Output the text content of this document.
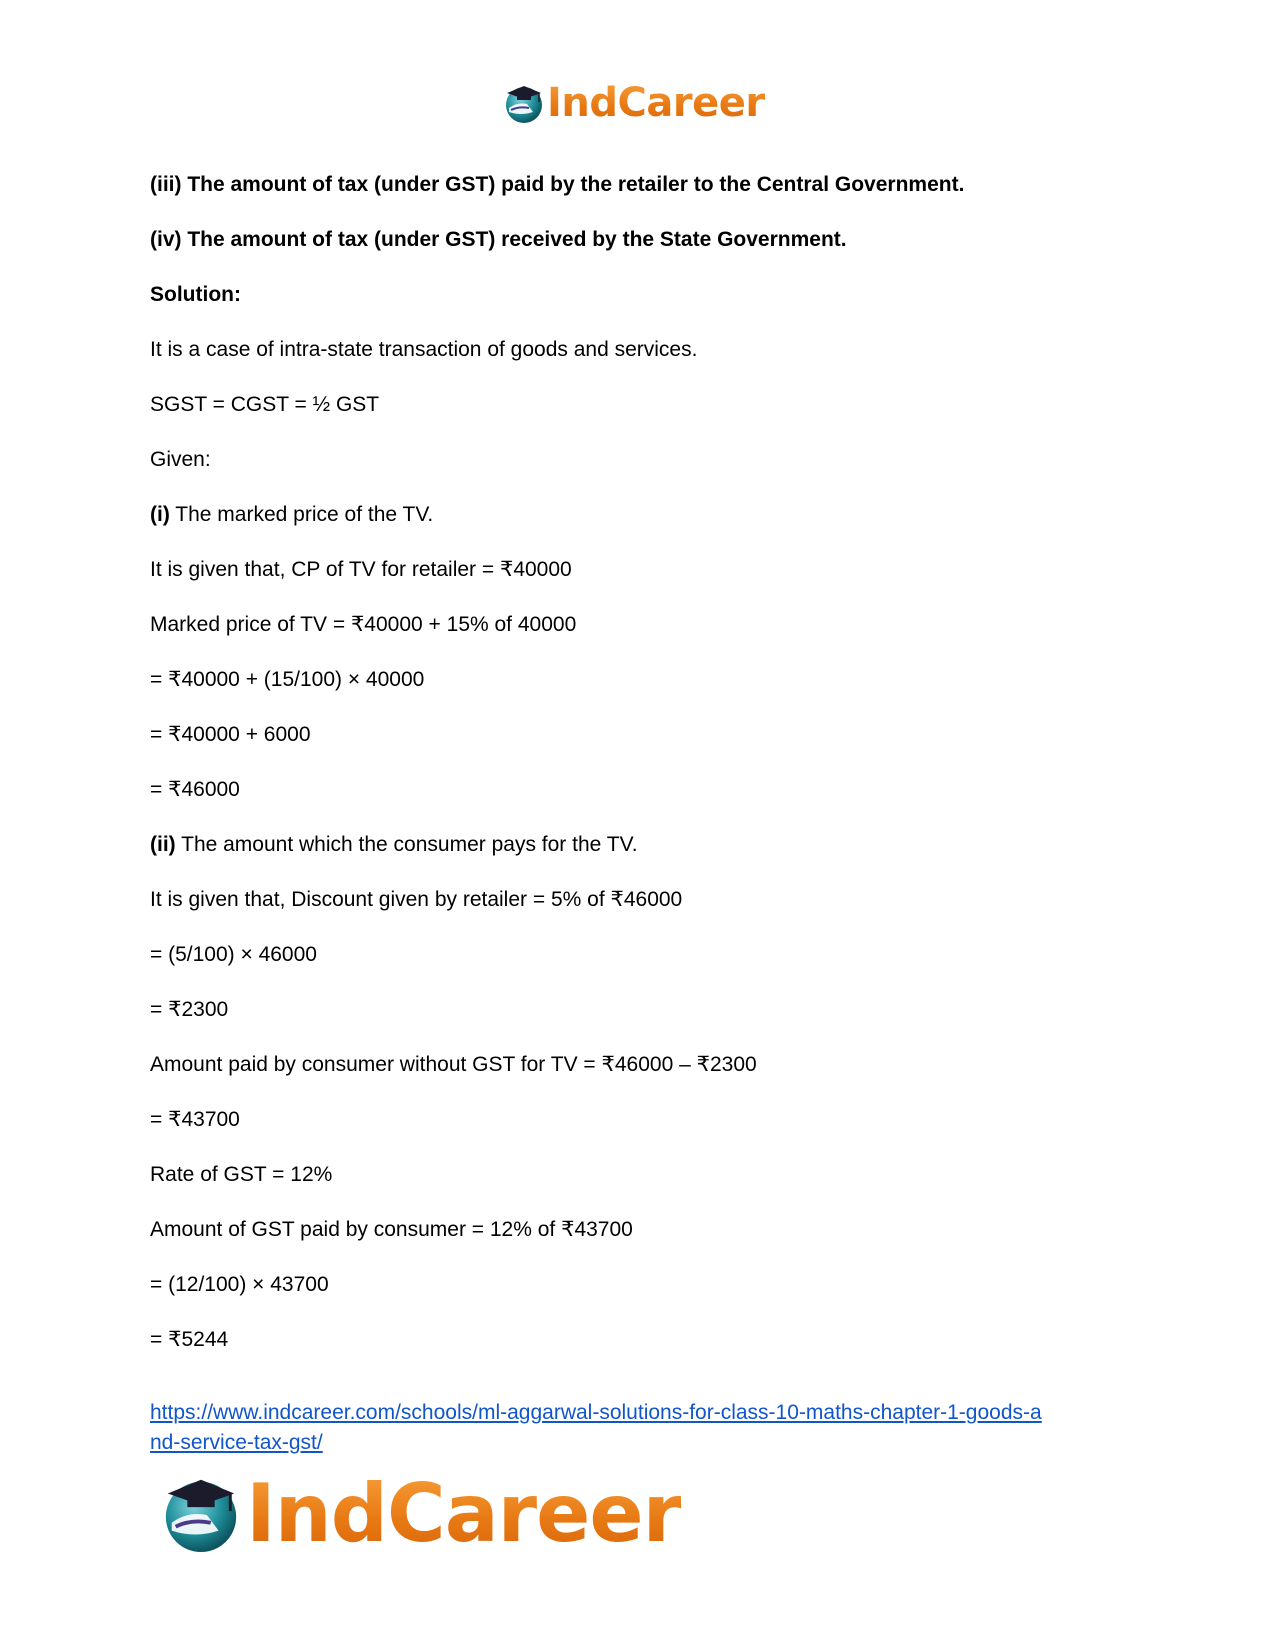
IndCareer
(iii) The amount of tax (under GST) paid by the retailer to the Central Government.
(iv) The amount of tax (under GST) received by the State Government.
Solution:
It is a case of intra-state transaction of goods and services.
SGST = CGST = ½ GST
Given:
(i) The marked price of the TV.
It is given that, CP of TV for retailer = ₹40000
Marked price of TV = ₹40000 + 15% of 40000
= ₹40000 + (15/100) × 40000
= ₹40000 + 6000
= ₹46000
(ii) The amount which the consumer pays for the TV.
It is given that, Discount given by retailer = 5% of ₹46000
= (5/100) × 46000
= ₹2300
Amount paid by consumer without GST for TV = ₹46000 – ₹2300
= ₹43700
Rate of GST = 12%
Amount of GST paid by consumer = 12% of ₹43700
= (12/100) × 43700
= ₹5244
https://www.indcareer.com/schools/ml-aggarwal-solutions-for-class-10-maths-chapter-1-goods-a
nd-service-tax-gst/
IndCareer
